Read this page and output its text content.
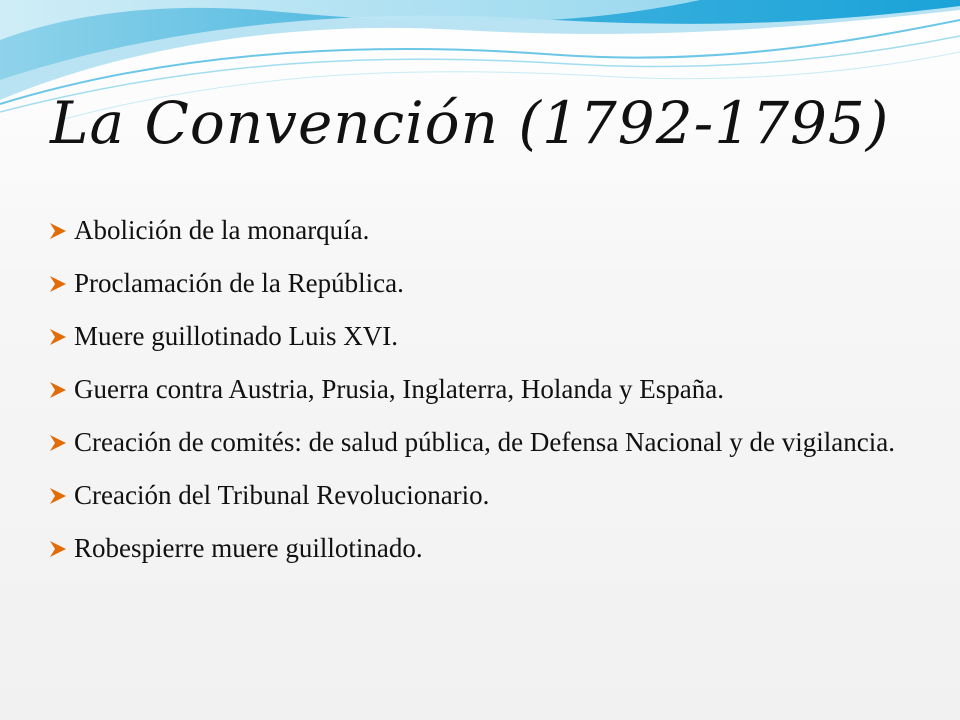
La Convención (1792-1795)
Abolición de la monarquía.
Proclamación de la República.
Muere guillotinado Luis XVI.
Guerra contra Austria, Prusia, Inglaterra, Holanda y España.
Creación de comités: de salud pública, de Defensa Nacional y de vigilancia.
Creación del Tribunal Revolucionario.
Robespierre muere guillotinado.
